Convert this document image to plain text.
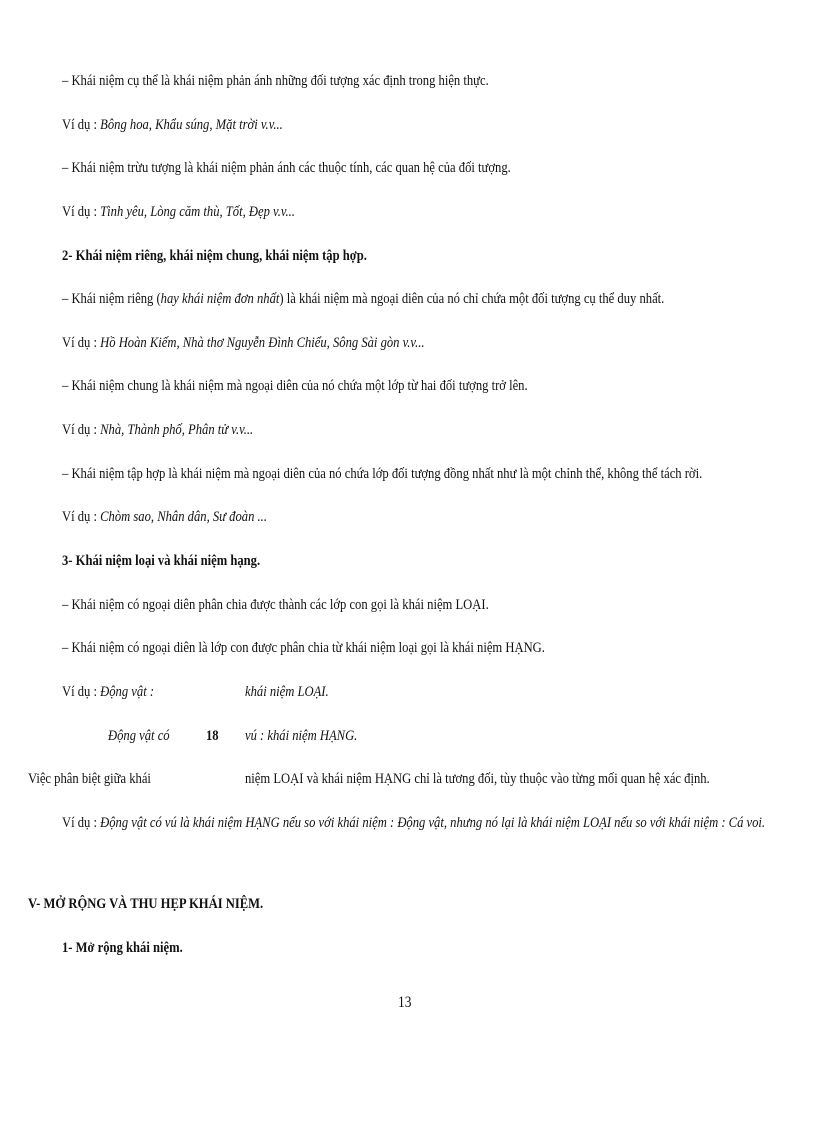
– Khái niệm cụ thể là khái niệm phản ánh những đối tượng xác định trong hiện thực.
Ví dụ : Bông hoa, Khẩu súng, Mặt trời v.v...
– Khái niệm trừu tượng là khái niệm phản ánh các thuộc tính, các quan hệ của đối tượng.
Ví dụ : Tình yêu, Lòng căm thù, Tốt, Đẹp v.v...
2- Khái niệm riêng, khái niệm chung, khái niệm tập hợp.
– Khái niệm riêng (hay khái niệm đơn nhất) là khái niệm mà ngoại diên của nó chỉ chứa một đối tượng cụ thể duy nhất.
Ví dụ : Hồ Hoàn Kiếm, Nhà thơ Nguyễn Đình Chiểu, Sông Sài gòn v.v...
– Khái niệm chung là khái niệm mà ngoại diên của nó chứa một lớp từ hai đối tượng trở lên.
Ví dụ : Nhà, Thành phố, Phân tử v.v...
– Khái niệm tập hợp là khái niệm mà ngoại diên của nó chứa lớp đối tượng đồng nhất như là một chỉnh thể, không thể tách rời.
Ví dụ : Chòm sao, Nhân dân, Sư đoàn ...
3- Khái niệm loại và khái niệm hạng.
– Khái niệm có ngoại diên phân chia được thành các lớp con gọi là khái niệm LOẠI.
– Khái niệm có ngoại diên là lớp con được phân chia từ khái niệm loại gọi là khái niệm HẠNG.
Ví dụ : Động vật :	khái niệm LOẠI.
Động vật có 18 vú : khái niệm HẠNG.
Việc phân biệt giữa khái	niệm LOẠI và khái niệm HẠNG chỉ là tương đối, tùy thuộc vào từng mối quan hệ xác định.
Ví dụ : Động vật có vú là khái niệm HẠNG nếu so với khái niệm : Động vật, nhưng nó lại là khái niệm LOẠI nếu so với khái niệm : Cá voi.
V- MỞ RỘNG VÀ THU HẸP KHÁI NIỆM.
1- Mở rộng khái niệm.
13
